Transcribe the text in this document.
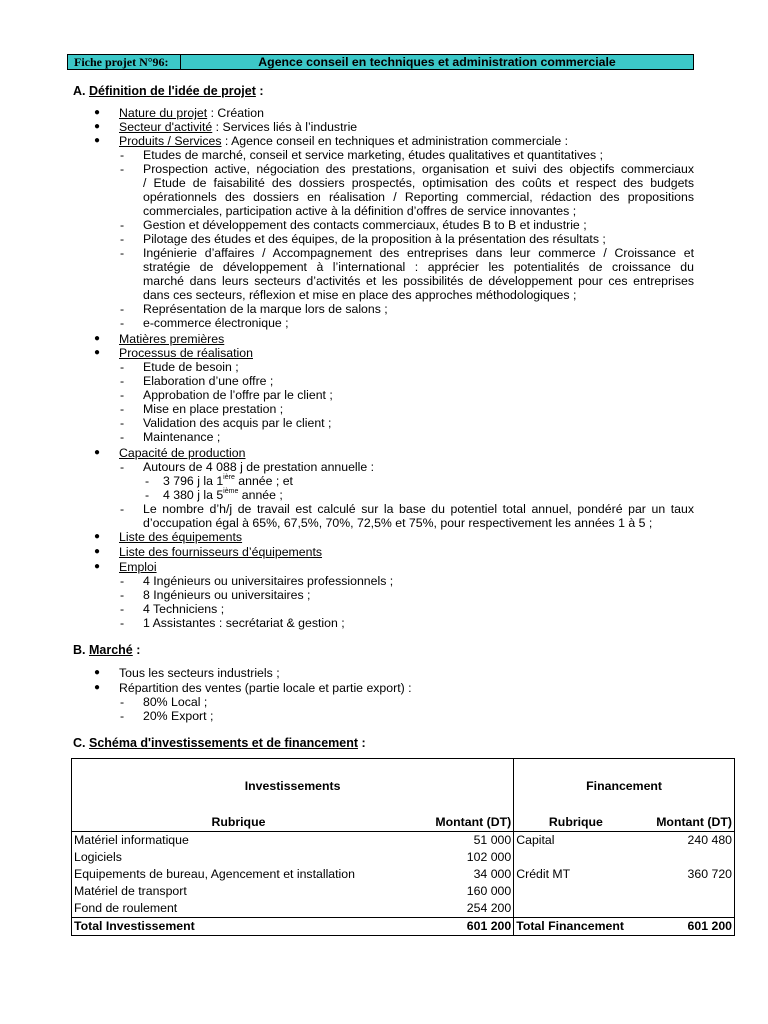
Fiche projet N°96:	Agence conseil en techniques et administration commerciale
A. Définition de l'idée de projet :
● Nature du projet : Création
● Secteur d'activité : Services liés à l’industrie
● Produits / Services : Agence conseil en techniques et administration commerciale :
- Etudes de marché, conseil et service marketing, études qualitatives et quantitatives ;
- Prospection active, négociation des prestations, organisation et suivi des objectifs commerciaux
/ Etude de faisabilité des dossiers prospectés, optimisation des coûts et respect des budgets
opérationnels des dossiers en réalisation / Reporting commercial, rédaction des propositions
commerciales, participation active à la définition d’offres de service innovantes ;
- Gestion et développement des contacts commerciaux, études B to B et industrie ;
- Pilotage des études et des équipes, de la proposition à la présentation des résultats ;
- Ingénierie d’affaires / Accompagnement des entreprises dans leur commerce / Croissance et
stratégie de développement à l’international : apprécier les potentialités de croissance du
marché dans leurs secteurs d’activités et les possibilités de développement pour ces entreprises
dans ces secteurs, réflexion et mise en place des approches méthodologiques ;
- Représentation de la marque lors de salons ;
- e-commerce électronique ;
● Matières premières
● Processus de réalisation
- Etude de besoin ;
- Elaboration d’une offre ;
- Approbation de l’offre par le client ;
- Mise en place prestation ;
- Validation des acquis par le client ;
- Maintenance ;
● Capacité de production
- Autours de 4 088 j de prestation annuelle :
- 3 796 j la $1^{ière}$ année ; et
- 4 380 j la 5ième année ;
- Le nombre d’h/j de travail est calculé sur la base du potentiel total annuel, pondéré par un taux
d’occupation égal à 65%, 67,5%, 70%, 72,5% et 75%, pour respectivement les années 1 à 5 ;
● Liste des équipements
● Liste des fournisseurs d’équipements
● Emploi
- 4 Ingénieurs ou universitaires professionnels ;
- 8 Ingénieurs ou universitaires ;
- 4 Techniciens ;
- 1 Assistantes : secrétariat & gestion ;
B. Marché :
● Tous les secteurs industriels ;
● Répartition des ventes (partie locale et partie export) :
- 80% Local ;
- 20% Export ;
C. Schéma d'investissements et de financement :
Investissements		Financement	
Rubrique	Montant (DT)	Rubrique	Montant (DT)
Matériel informatique	51 000	Capital	240 480
Logiciels	102 000		
Equipements de bureau, Agencement et installation	34 000	Crédit MT	360 720
Matériel de transport	160 000		
Fond de roulement	254 200		
Total Investissement	601 200	Total Financement	601 200
